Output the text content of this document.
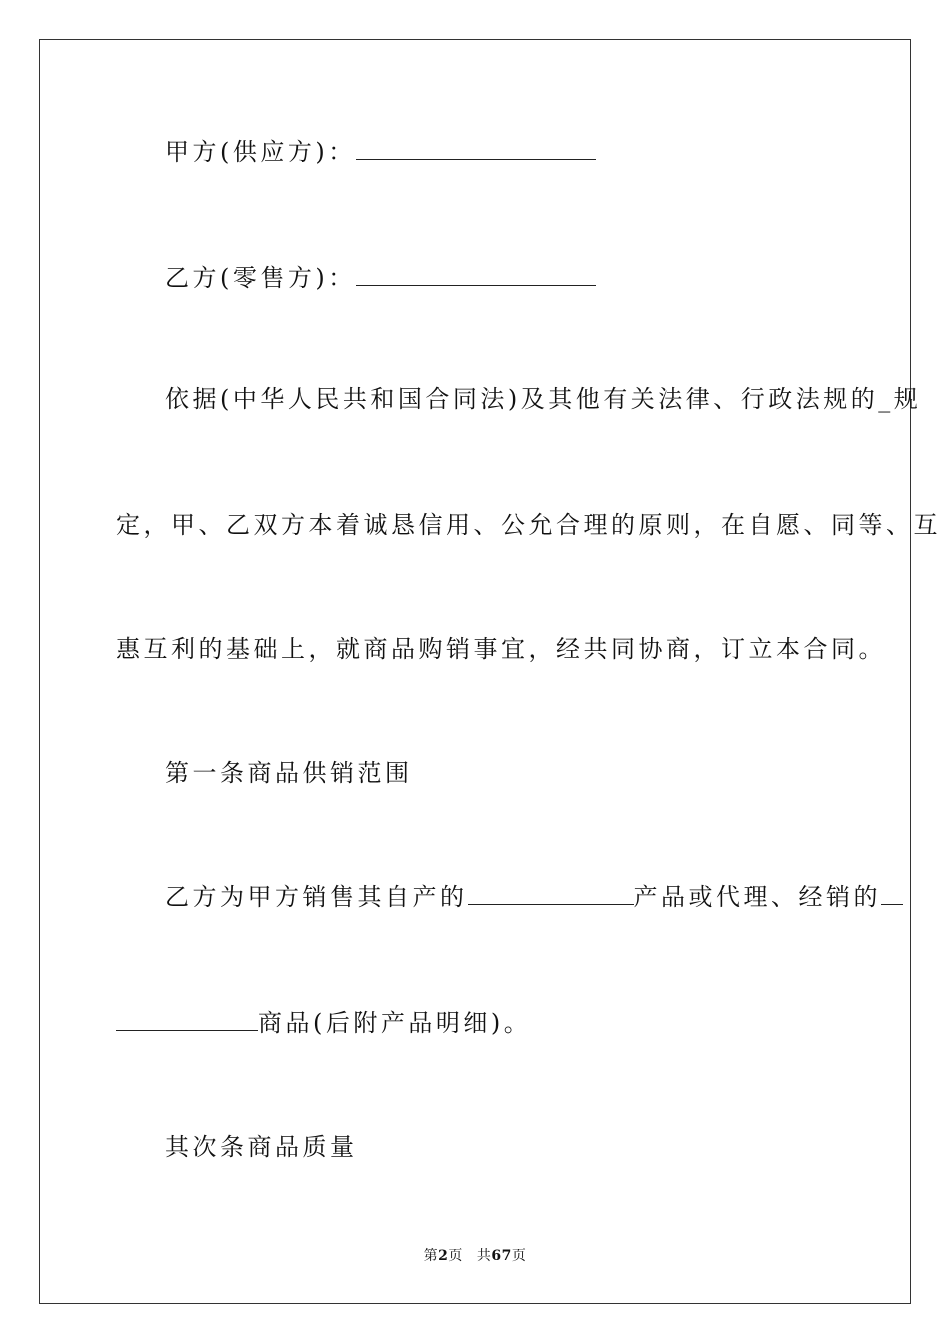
甲方(供应方)：
乙方(零售方)：
依据(中华人民共和国合同法)及其他有关法律、行政法规的_规
定，甲、乙双方本着诚恳信用、公允合理的原则，在自愿、同等、互
惠互利的基础上，就商品购销事宜，经共同协商，订立本合同。
第一条商品供销范围
乙方为甲方销售其自产的	产品或代理、经销的
商品(后附产品明细)。
其次条商品质量
第2页 共67页
